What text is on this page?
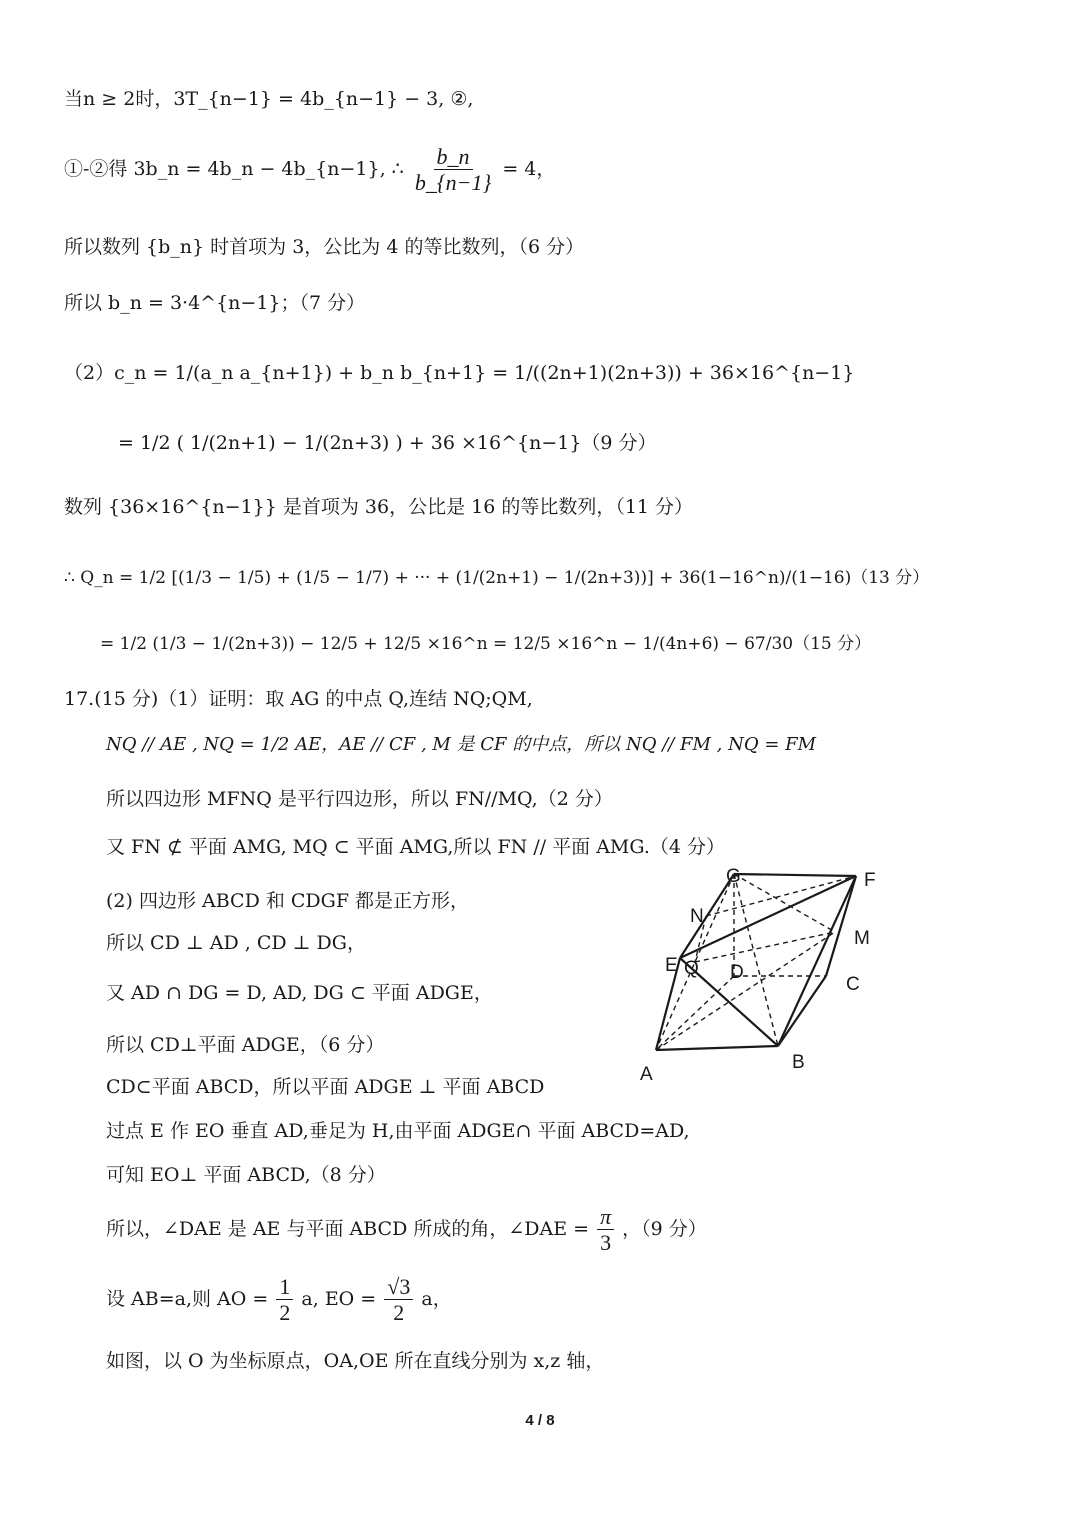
当n ≥ 2时，3T_{n−1} = 4b_{n−1} − 3, ②,
①-②得 3b_n = 4b_n − 4b_{n−1}, ∴ $\frac{b\_n}{b\_\{n-1\}} = 4$，
所以数列 {b_n} 时首项为 3，公比为 4 的等比数列，（6 分）
所以 b_n = 3·4^{n−1}；（7 分）
（2）c_n = 1/(a_n a_{n+1}) + b_n b_{n+1} = 1/((2n+1)(2n+3)) + 36×16^{n−1}
= 1/2 ( 1/(2n+1) − 1/(2n+3) ) + 36 ×16^{n−1}（9 分）
数列 {36×16^{n−1}} 是首项为 36，公比是 16 的等比数列，（11 分）
∴ Q_n = 1/2 [(1/3 − 1/5) + (1/5 − 1/7) + ··· + (1/(2n+1) − 1/(2n+3))] + 36(1−16^n)/(1−16)（13 分）
= 1/2 (1/3 − 1/(2n+3)) − 12/5 + 12/5 ×16^n = 12/5 ×16^n − 1/(4n+6) − 67/30（15 分）
17.(15 分)（1）证明：取 AG 的中点 Q,连结 NQ;QM,
NQ // AE , NQ = 1/2 AE，AE // CF , M 是 CF 的中点，所以 NQ // FM , NQ = FM
所以四边形 MFNQ 是平行四边形，所以 FN//MQ,（2 分）
又 FN ⊄ 平面 AMG, MQ ⊂ 平面 AMG,所以 FN // 平面 AMG.（4 分）
(2) 四边形 ABCD 和 CDGF 都是正方形，
所以 CD ⊥ AD , CD ⊥ DG，
又 AD ∩ DG = D, AD, DG ⊂ 平面 ADGE，
所以 CD⊥平面 ADGE，（6 分）
CD⊂平面 ABCD，所以平面 ADGE ⊥ 平面 ABCD
过点 E 作 EO 垂直 AD,垂足为 H,由平面 ADGE∩ 平面 ABCD=AD,
可知 EO⊥ 平面 ABCD,（8 分）
所以，∠DAE 是 AE 与平面 ABCD 所成的角，∠DAE = $\frac{\pi}{3}$ ，（9 分）
设 AB=a,则 AO = $\frac{1}{2} a$, EO = $\frac{√3}{2}$ a，
如图，以 O 为坐标原点，OA,OE 所在直线分别为 x,z 轴，
G	F
N
M
E Q D
C
A
B
4 / 8
